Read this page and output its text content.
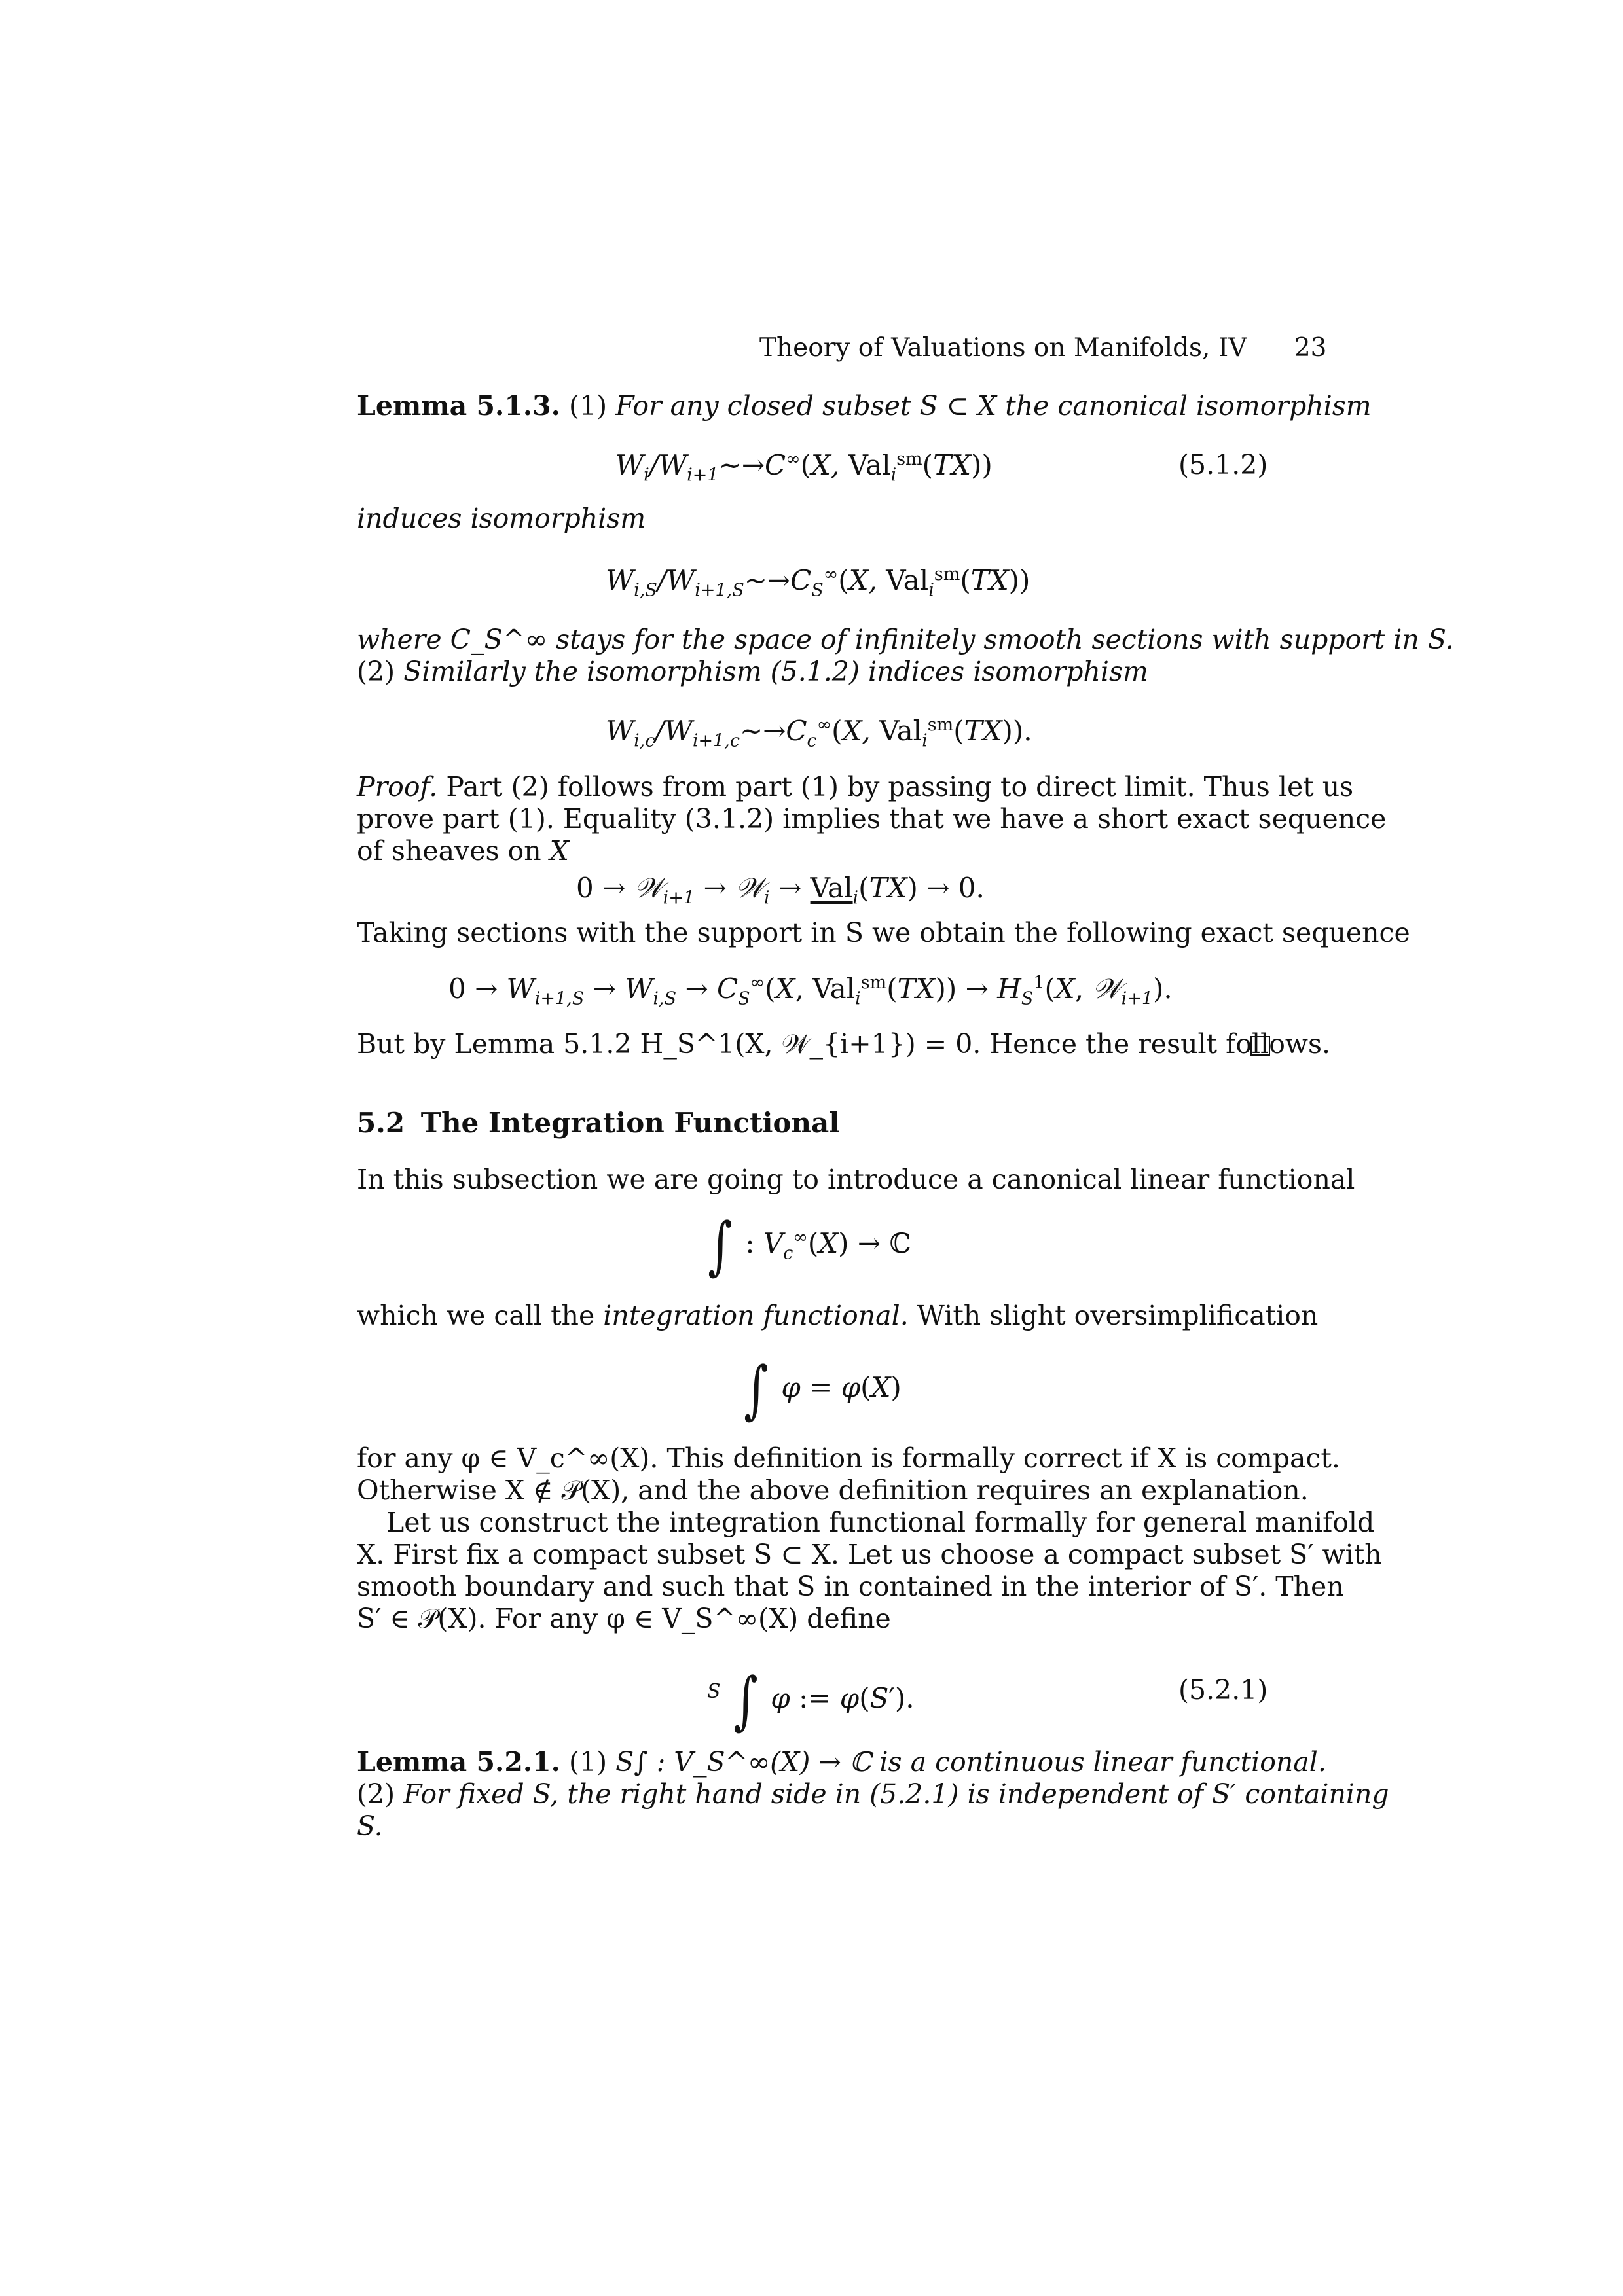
Theory of Valuations on Manifolds, IV 23
Lemma 5.1.3. (1) For any closed subset S ⊂ X the canonical isomorphism
$W_i/W_{i+1}\sim\to C^\infty(X$, Val$_i^{sm}$(TX))	(5.1.2)
induces isomorphism
$W_{i,S}/W_{i+1,S}\sim\to C_S^\infty(X$, Val$_i^{sm}$(TX))
where C_S^∞ stays for the space of infinitely smooth sections with support in S.
(2) Similarly the isomorphism (5.1.2) indices isomorphism
$W_{i,c}/W_{i+1,c}\sim\to C_c^\infty(X$, Val$_i^{sm}$(TX)).
Proof. Part (2) follows from part (1) by passing to direct limit. Thus let us
prove part (1). Equality (3.1.2) implies that we have a short exact sequence
of sheaves on X
0 → 𝒲$_{i+1}$ → 𝒲$_i$ → Val$_i$(TX) → 0.
Taking sections with the support in S we obtain the following exact sequence
$0 \to W_{i+1,S} \to W_{i,S} \to C_S^\infty(X$, $Val_i^{sm}(TX)) \to H_S^1(X$, 𝒲$_{i+1}$).
But by Lemma 5.1.2 H_S^1(X, 𝒲_{i+1}) = 0. Hence the result follows.
5.2 The Integration Functional
In this subsection we are going to introduce a canonical linear functional
∫ : $V_c^\infty(X)$ → ℂ
which we call the integration functional. With slight oversimplification
∫ φ = φ(X)
for any φ ∈ V_c^∞(X). This definition is formally correct if X is compact.
Otherwise X ∉ 𝒫(X), and the above definition requires an explanation.
Let us construct the integration functional formally for general manifold
X. First fix a compact subset S ⊂ X. Let us choose a compact subset S′ with
smooth boundary and such that S in contained in the interior of S′. Then
S′ ∈ 𝒫(X). For any φ ∈ V_S^∞(X) define
$^S$ ∫ φ := φ(S′).	(5.2.1)
Lemma 5.2.1. (1) S∫ : V_S^∞(X) → ℂ is a continuous linear functional.
(2) For fixed S, the right hand side in (5.2.1) is independent of S′ containing
S.
